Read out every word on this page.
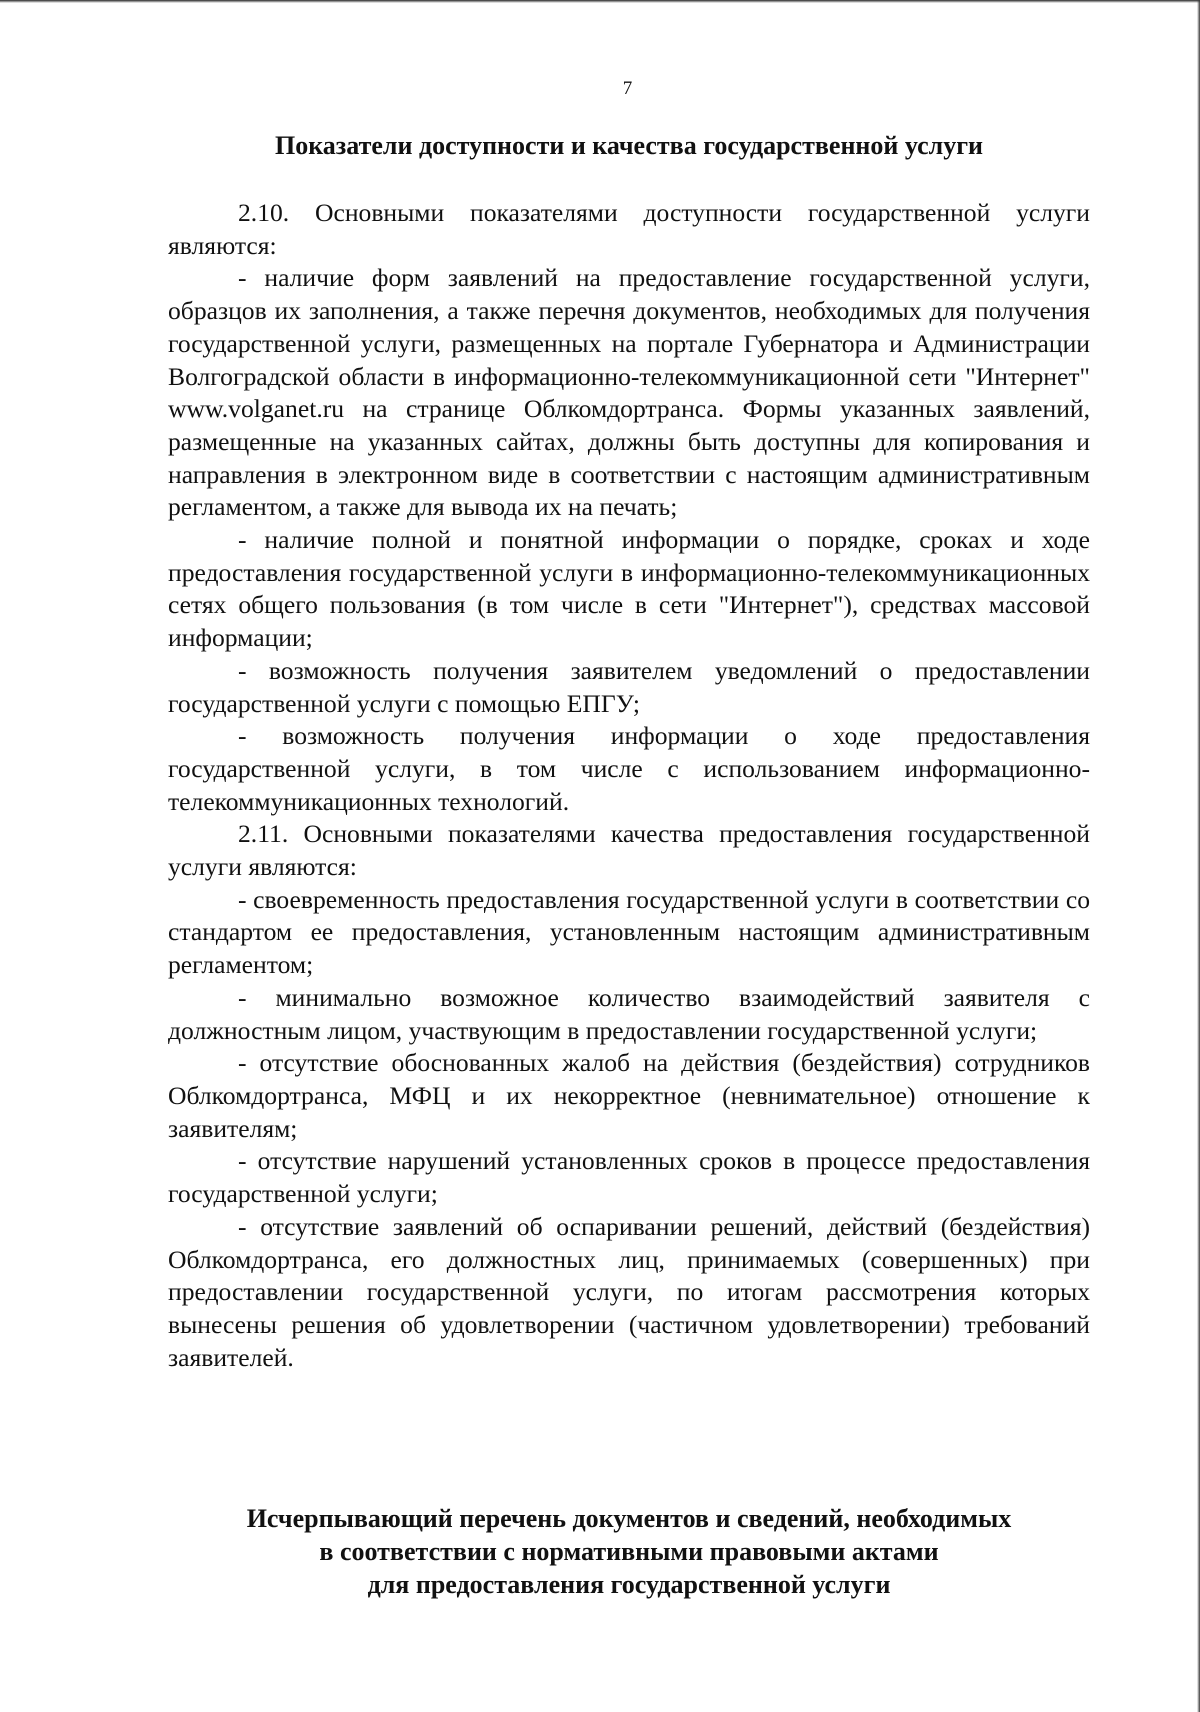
7
Показатели доступности и качества государственной услуги

2.10. Основными показателями доступности государственной услуги являются:

- наличие форм заявлений на предоставление государственной услуги, образцов их заполнения, а также перечня документов, необходимых для получения государственной услуги, размещенных на портале Губернатора и Администрации Волгоградской области в информационно-телекоммуникационной сети "Интернет" www.volganet.ru на странице Облкомдортранса. Формы указанных заявлений, размещенные на указанных сайтах, должны быть доступны для копирования и направления в электронном виде в соответствии с настоящим административным регламентом, а также для вывода их на печать;

- наличие полной и понятной информации о порядке, сроках и ходе предоставления государственной услуги в информационно-телекоммуникационных сетях общего пользования (в том числе в сети "Интернет"), средствах массовой информации;

- возможность получения заявителем уведомлений о предоставлении государственной услуги с помощью ЕПГУ;

- возможность получения информации о ходе предоставления государственной услуги, в том числе с использованием информационно-телекоммуникационных технологий.

2.11. Основными показателями качества предоставления государственной услуги являются:

- своевременность предоставления государственной услуги в соответствии со стандартом ее предоставления, установленным настоящим административным регламентом;

- минимально возможное количество взаимодействий заявителя с должностным лицом, участвующим в предоставлении государственной услуги;

- отсутствие обоснованных жалоб на действия (бездействия) сотрудников Облкомдортранса, МФЦ и их некорректное (невнимательное) отношение к заявителям;

- отсутствие нарушений установленных сроков в процессе предоставления государственной услуги;

- отсутствие заявлений об оспаривании решений, действий (бездействия) Облкомдортранса, его должностных лиц, принимаемых (совершенных) при предоставлении государственной услуги, по итогам рассмотрения которых вынесены решения об удовлетворении (частичном удовлетворении) требований заявителей.

Исчерпывающий перечень документов и сведений, необходимых
в соответствии с нормативными правовыми актами
для предоставления государственной услуги
